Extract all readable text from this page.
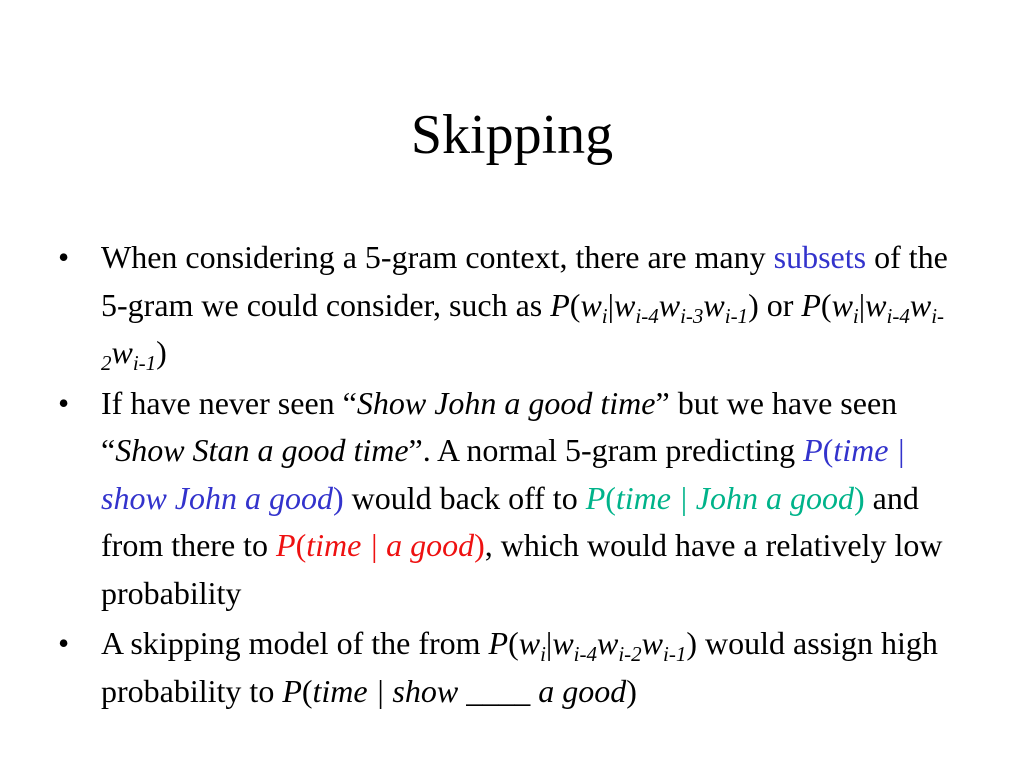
Skipping
• When considering a 5-gram context, there are many subsets of the 5-gram we could consider, such as $P(w_i|w_{i-4}w_{i-3}w_{i-1})$ or $P(w_i|w_{i-4}w_{i-2}w_{i-1})$
• If have never seen “Show John a good time” but we have seen “Show Stan a good time”. A normal 5-gram predicting P(time | show John a good) would back off to P(time | John a good) and from there to P(time | a good), which would have a relatively low probability
• A skipping model of the from $P(w_i|w_{i-4}w_{i-2}w_{i-1})$ would assign high probability to P(time | show ____ a good)
